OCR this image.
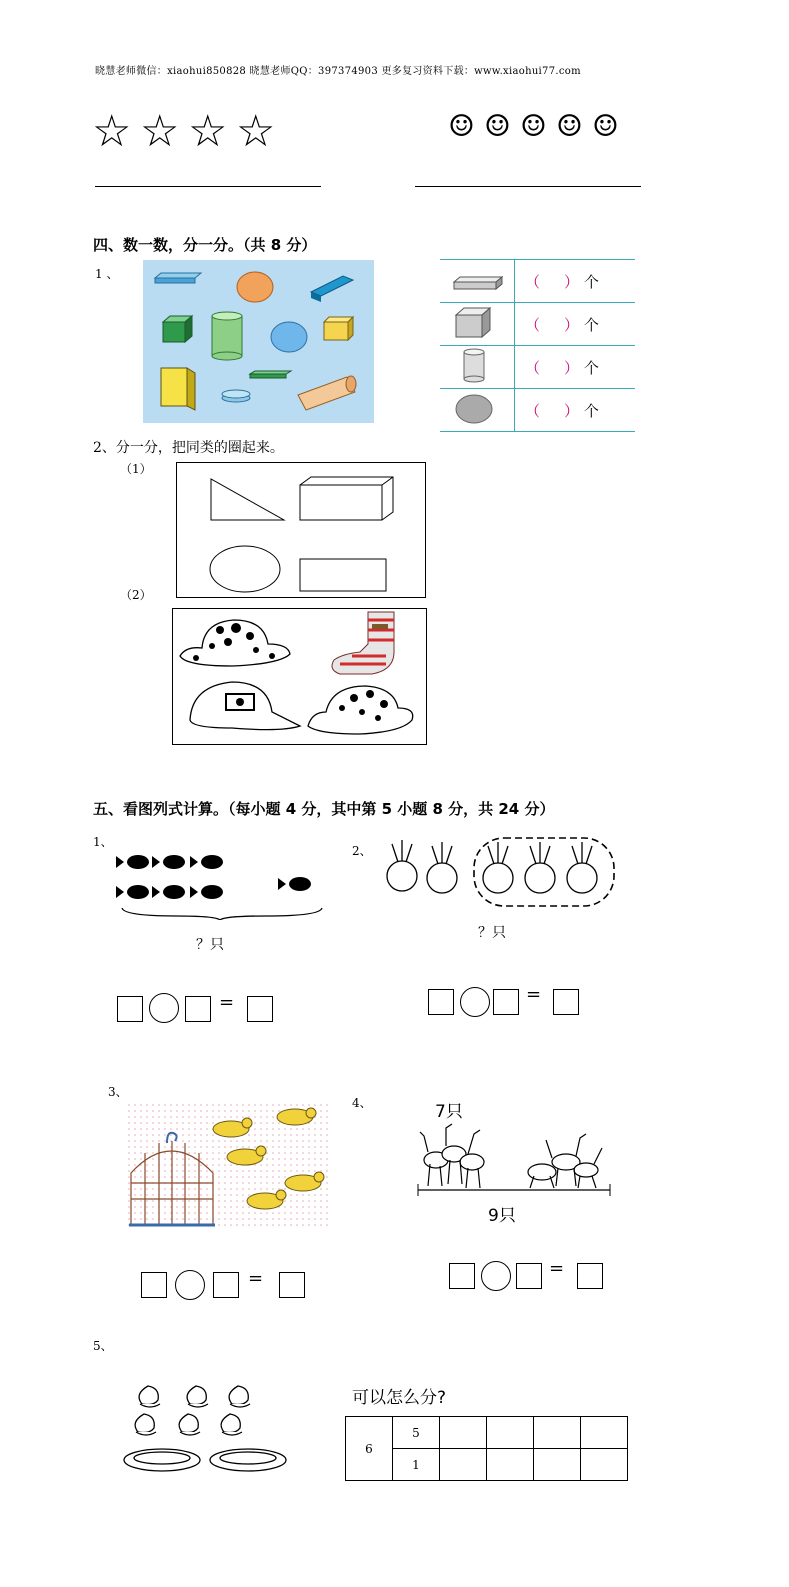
晓慧老师微信：xiaohui850828 晓慧老师QQ：397374903 更多复习资料下载：www.xiaohui77.com
☆ ☆ ☆ ☆	☺ ☺ ☺ ☺ ☺
四、数一数，分一分。（共 8 分）
1 、
		（ ） 个
	（ ） 个
	（ ） 个
	（ ） 个
2、分一分，把同类的圈起来。
（1）
（2）
五、看图列式计算。（每小题 4 分，其中第 5 小题 8 分，共 24 分）
1、
？只
2、
？只
=	=
3、
4、	7只
9只
=	=
5、
可以怎么分?
6	5				
	1				
